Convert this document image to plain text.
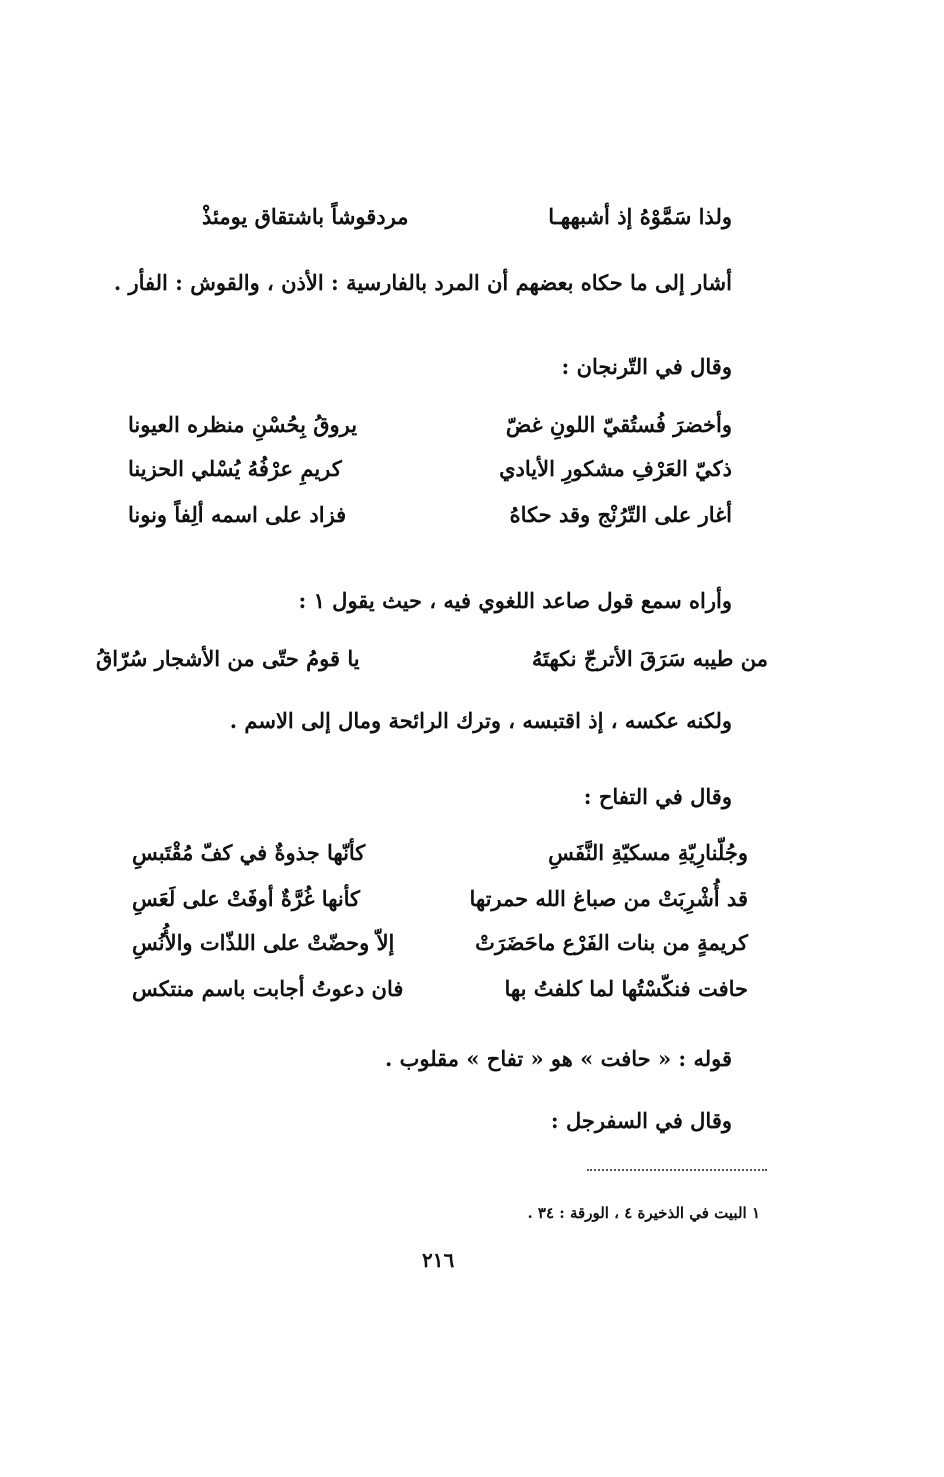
ولذا سَمَّوْهُ إذ أشبههـا
مردقوشاً باشتقاق يومئذْ
أشار إلى ما حكاه بعضهم أن المرد بالفارسية : الأذن ، والقوش : الفأر .
وقال في التّرنجان :
وأخضرَ فُستُقيّ اللونِ غضّ
يروقُ بِحُسْنِ منظره العيونا
ذكيّ العَرْفِ مشكورِ الأيادي
كريمِ عرْفُهُ يُسْلي الحزينا
أغار على التّرُنْج وقد حكاهُ
فزاد على اسمه ألِفاً ونونا
وأراه سمع قول صاعد اللغوي فيه ، حيث يقول ١ :
من طيبه سَرَقَ الأترجّ نكهتَهُ
يا قومُ حتّى من الأشجار سُرّاقُ
ولكنه عكسه ، إذ اقتبسه ، وترك الرائحة ومال إلى الاسم .
وقال في التفاح :
وجُلّنارِيّةِ مسكيّةِ النَّفَسِ
كأنّها جذوةٌ في كفّ مُقْتَبسِ
قد أُشْرِبَتْ من صباغ الله حمرتها
كأنها غُرَّةٌ أوفَتْ على لَعَسِ
كريمةٍ من بنات الفَرْع ماحَضَرَتْ
إلاّ وحضّتْ على اللذّات والأُنُسِ
حافت فنكّسْتُها لما كلفتُ بها
فان دعوتُ أجابت باسم منتكس
قوله : « حافت » هو « تفاح » مقلوب .
وقال في السفرجل :
١ البيت في الذخيرة ٤ ، الورقة : ٣٤ .
٢١٦
